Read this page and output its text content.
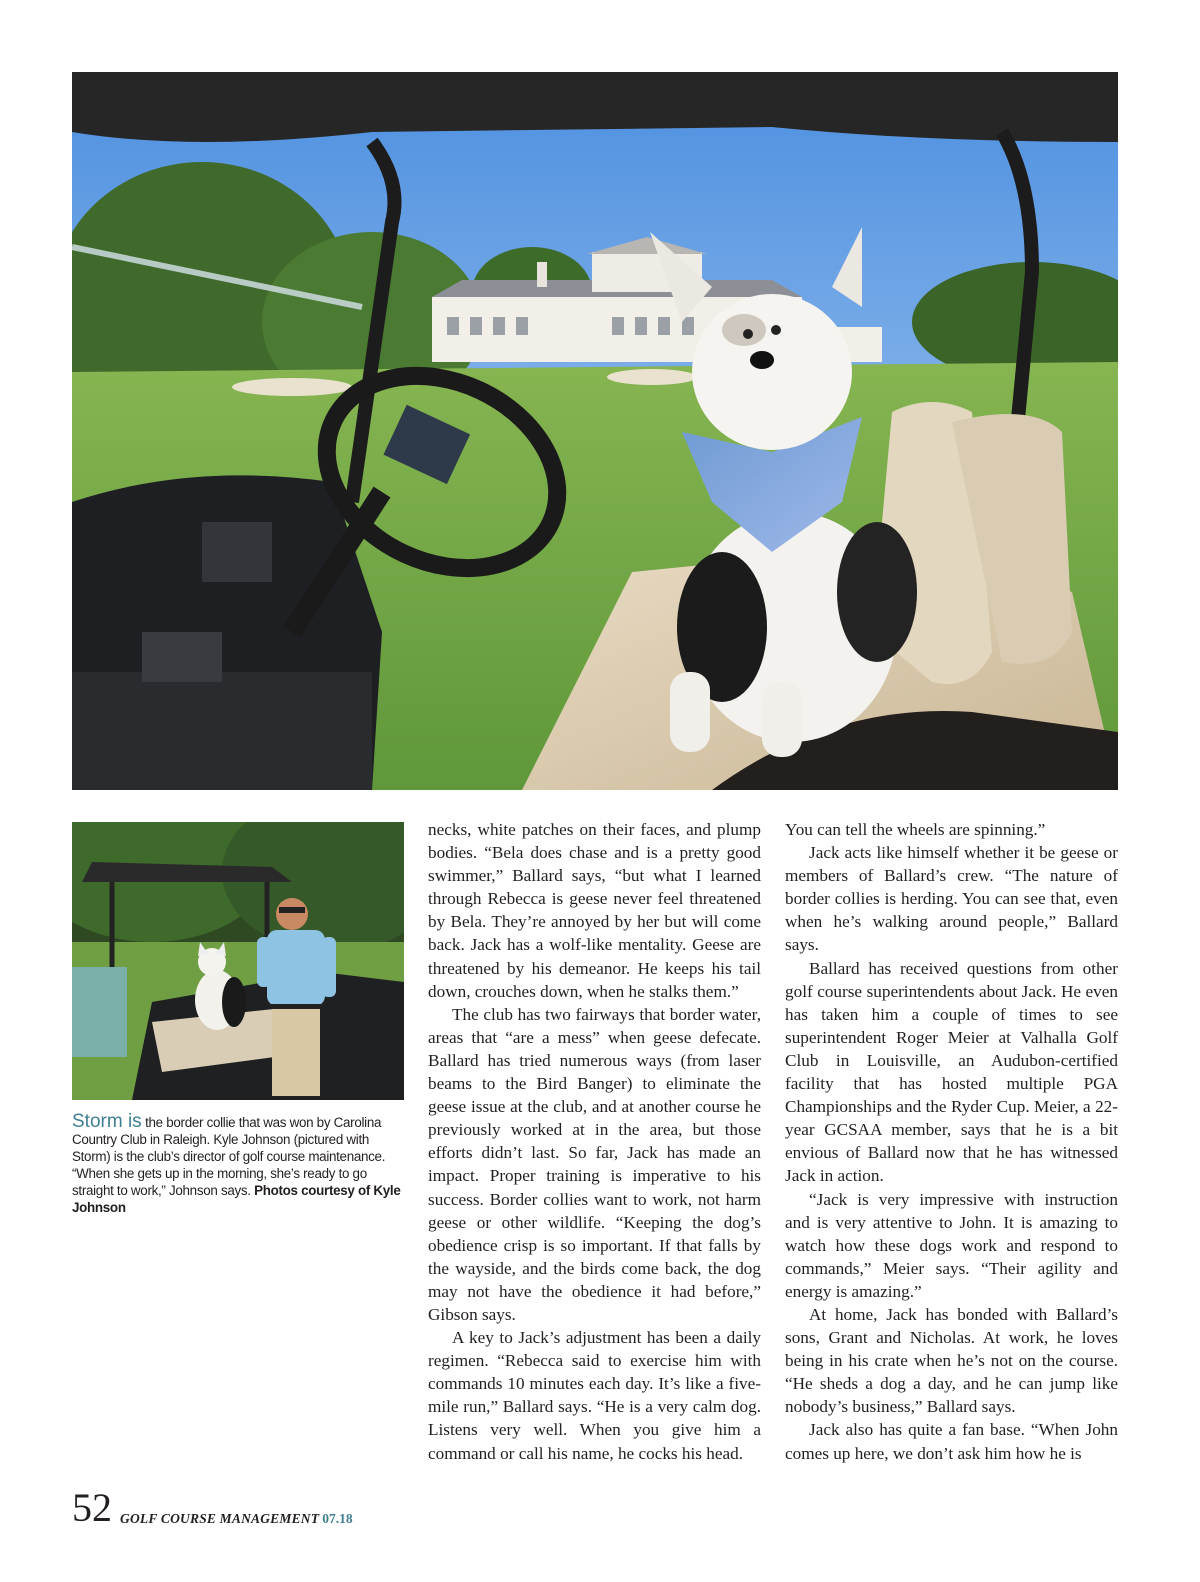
Storm is the border collie that was won by Carolina Country Club in Raleigh. Kyle Johnson (pictured with Storm) is the club’s director of golf course maintenance. “When she gets up in the morning, she’s ready to go straight to work,” Johnson says. Photos courtesy of Kyle Johnson

necks, white patches on their faces, and plump bodies. “Bela does chase and is a pretty good swimmer,” Ballard says, “but what I learned through Rebecca is geese never feel threatened by Bela. They’re annoyed by her but will come back. Jack has a wolf-like mentality. Geese are threatened by his demeanor. He keeps his tail down, crouches down, when he stalks them.”

The club has two fairways that border water, areas that “are a mess” when geese defecate. Ballard has tried numerous ways (from laser beams to the Bird Banger) to eliminate the geese issue at the club, and at another course he previously worked at in the area, but those efforts didn’t last. So far, Jack has made an impact. Proper training is imperative to his success. Border collies want to work, not harm geese or other wildlife. “Keeping the dog’s obedience crisp is so important. If that falls by the wayside, and the birds come back, the dog may not have the obedience it had before,” Gibson says.

A key to Jack’s adjustment has been a daily regimen. “Rebecca said to exercise him with commands 10 minutes each day. It’s like a five-mile run,” Ballard says. “He is a very calm dog. Listens very well. When you give him a command or call his name, he cocks his head.

You can tell the wheels are spinning.”

Jack acts like himself whether it be geese or members of Ballard’s crew. “The nature of border collies is herding. You can see that, even when he’s walking around people,” Ballard says.

Ballard has received questions from other golf course superintendents about Jack. He even has taken him a couple of times to see superintendent Roger Meier at Valhalla Golf Club in Louisville, an Audubon-certified facility that has hosted multiple PGA Championships and the Ryder Cup. Meier, a 22-year GCSAA member, says that he is a bit envious of Ballard now that he has witnessed Jack in action.

“Jack is very impressive with instruction and is very attentive to John. It is amazing to watch how these dogs work and respond to commands,” Meier says. “Their agility and energy is amazing.”

At home, Jack has bonded with Ballard’s sons, Grant and Nicholas. At work, he loves being in his crate when he’s not on the course. “He sheds a dog a day, and he can jump like nobody’s business,” Ballard says.

Jack also has quite a fan base. “When John comes up here, we don’t ask him how he is

52 GOLF COURSE MANAGEMENT 07.18
